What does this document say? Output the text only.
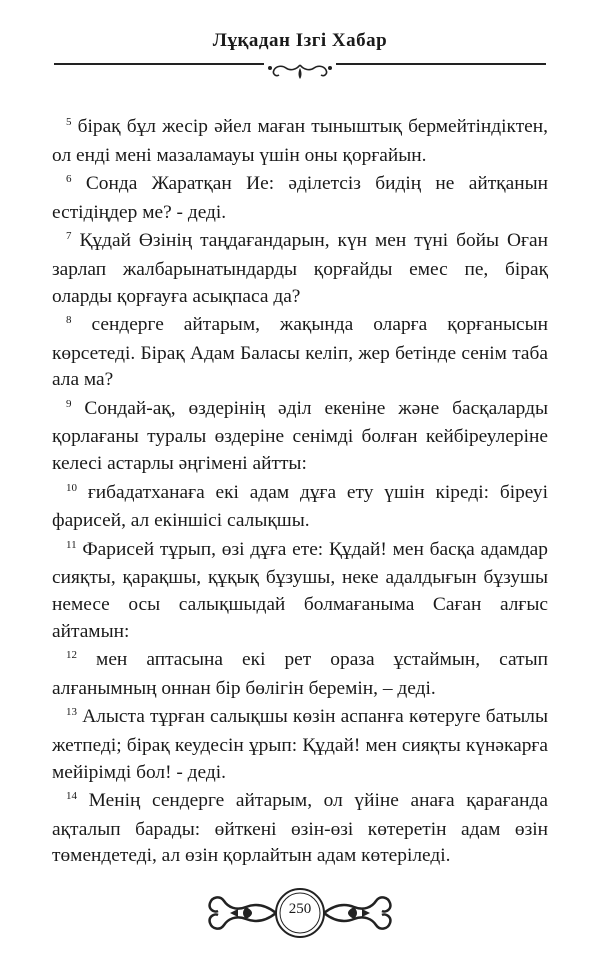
Лұқадан Ізгі Хабар

$^5$ бірақ бұл жесір әйел маған тыныштық бермейтіндіктен, ол енді мені мазаламауы үшін оны қорғайын.

$^6$ Сонда Жаратқан Ие: әділетсіз бидің не айтқанын естідіңдер ме? - деді.

$^7$ Құдай Өзінің таңдағандарын, күн мен түні бойы Оған зарлап жалбарынатындарды қорғайды емес пе, бірақ оларды қорғауға асықпаса да?

$^8$ сендерге айтарым, жақында оларға қорғанысын көрсетеді. Бірақ Адам Баласы келіп, жер бетінде сенім таба ала ма?

$^9$ Сондай-ақ, өздерінің әділ екеніне және басқаларды қорлағаны туралы өздеріне сенімді болған кейбіреулеріне келесі астарлы әңгімені айтты:

$^{10}$ ғибадатханаға екі адам дұға ету үшін кіреді: біреуі фарисей, ал екіншісі салықшы.

$^{11}$ Фарисей тұрып, өзі дұға ете: Құдай! мен басқа адамдар сияқты, қарақшы, құқық бұзушы, неке адалдығын бұзушы немесе осы салықшыдай болмағаныма Саған алғыс айтамын:

$^{12}$ мен аптасына екі рет ораза ұстаймын, сатып алғанымның оннан бір бөлігін беремін, – деді.

$^{13}$ Алыста тұрған салықшы көзін аспанға көтеруге батылы жетпеді; бірақ кеудесін ұрып: Құдай! мен сияқты күнәкарға мейірімді бол! - деді.

$^{14}$ Менің сендерге айтарым, ол үйіне анаға қарағанда ақталып барады: өйткені өзін-өзі көтеретін адам өзін төмендетеді, ал өзін қорлайтын адам көтеріледі.

250
